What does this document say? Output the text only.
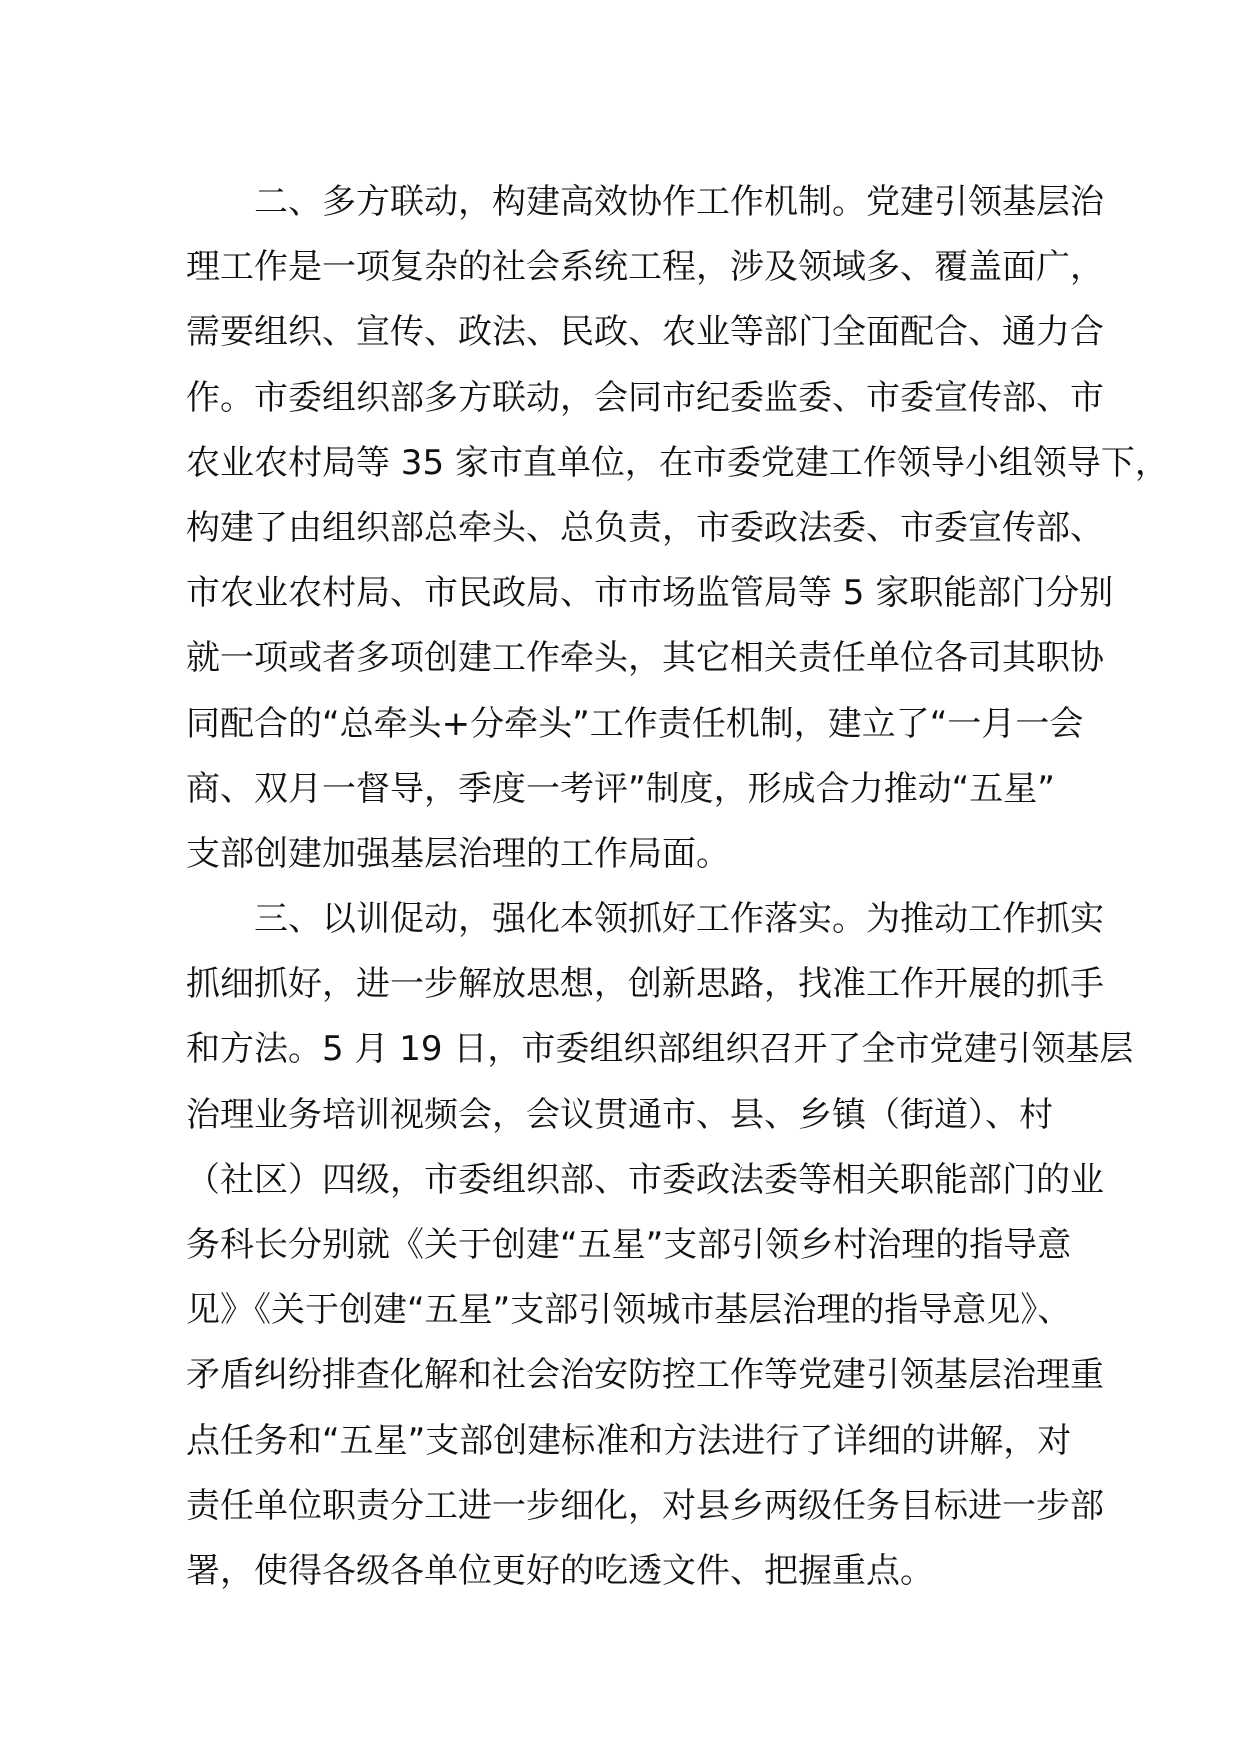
二、多方联动，构建高效协作工作机制。党建引领基层治
理工作是一项复杂的社会系统工程，涉及领域多、覆盖面广，
需要组织、宣传、政法、民政、农业等部门全面配合、通力合
作。市委组织部多方联动，会同市纪委监委、市委宣传部、市
农业农村局等 35 家市直单位，在市委党建工作领导小组领导下，
构建了由组织部总牵头、总负责，市委政法委、市委宣传部、
市农业农村局、市民政局、市市场监管局等 5 家职能部门分别
就一项或者多项创建工作牵头，其它相关责任单位各司其职协
同配合的“总牵头+分牵头”工作责任机制，建立了“一月一会
商、双月一督导，季度一考评”制度，形成合力推动“五星”
支部创建加强基层治理的工作局面。
三、以训促动，强化本领抓好工作落实。为推动工作抓实
抓细抓好，进一步解放思想，创新思路，找准工作开展的抓手
和方法。5 月 19 日，市委组织部组织召开了全市党建引领基层
治理业务培训视频会，会议贯通市、县、乡镇（街道）、村
（社区）四级，市委组织部、市委政法委等相关职能部门的业
务科长分别就《关于创建“五星”支部引领乡村治理的指导意
见》《关于创建“五星”支部引领城市基层治理的指导意见》、
矛盾纠纷排查化解和社会治安防控工作等党建引领基层治理重
点任务和“五星”支部创建标准和方法进行了详细的讲解，对
责任单位职责分工进一步细化，对县乡两级任务目标进一步部
署，使得各级各单位更好的吃透文件、把握重点。
